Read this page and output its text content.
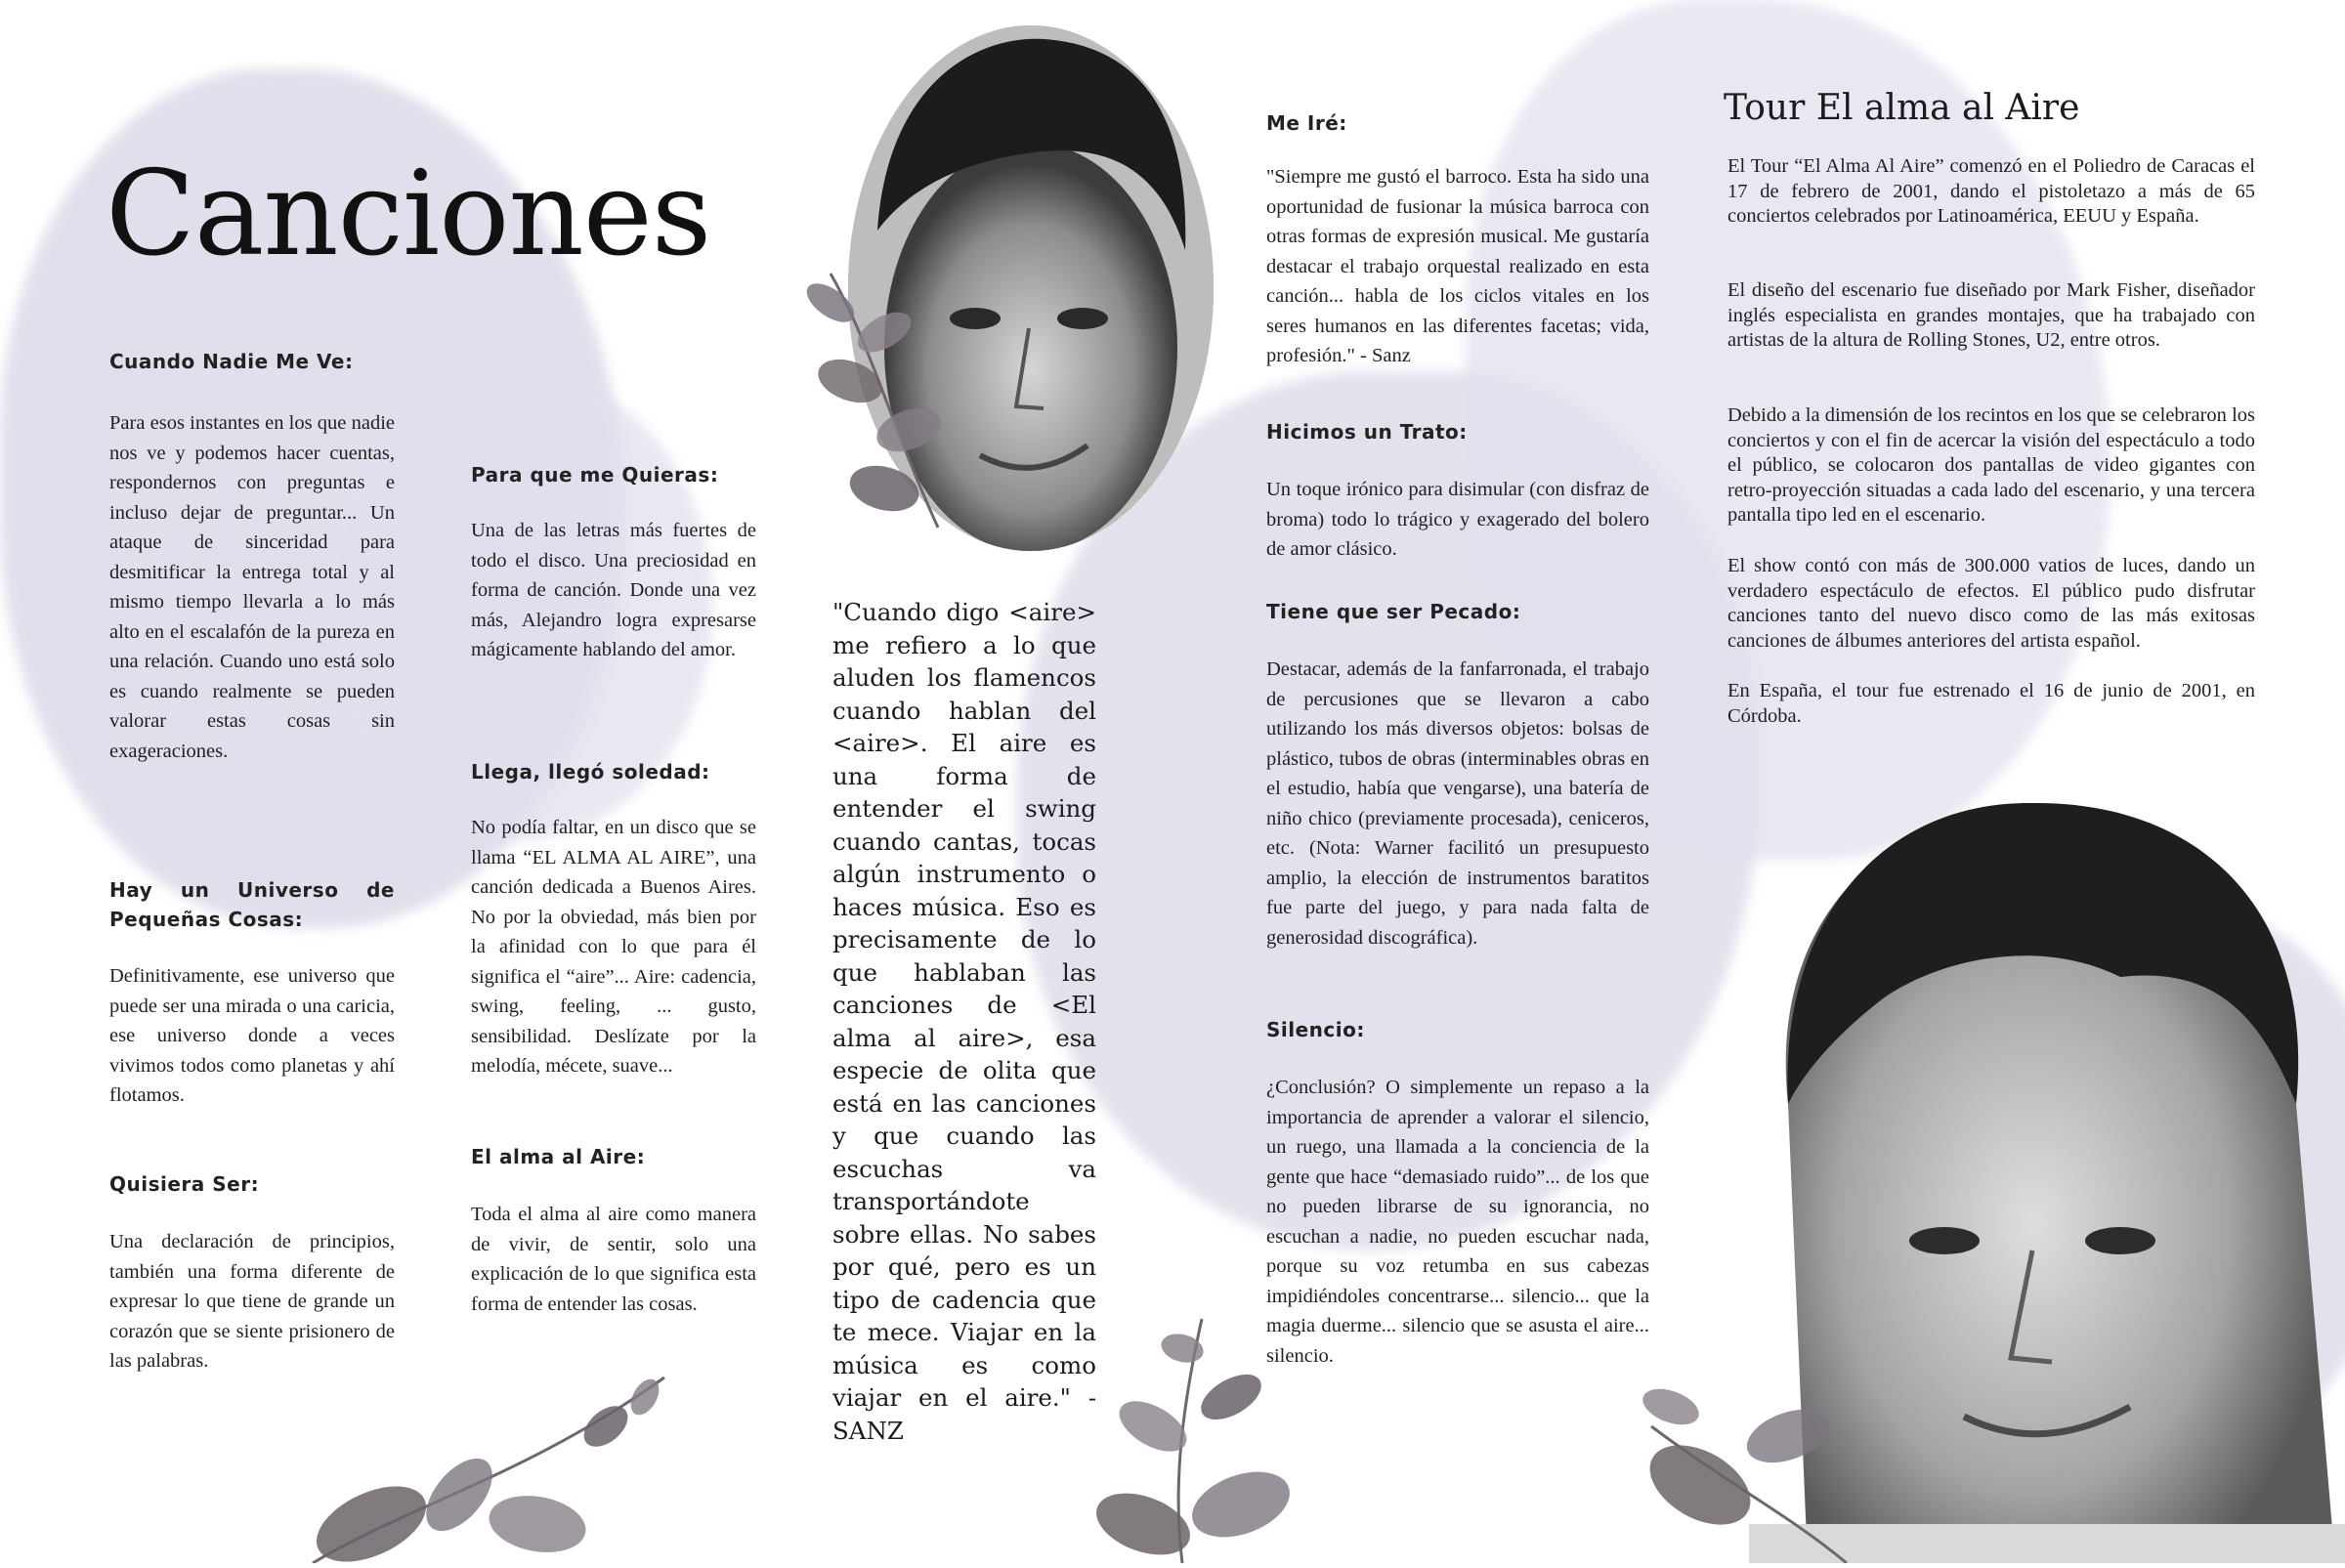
Canciones
Cuando Nadie Me Ve:

Para esos instantes en los que nadie nos ve y podemos hacer cuentas, respondernos con preguntas e incluso dejar de preguntar... Un ataque de sinceridad para desmitificar la entrega total y al mismo tiempo llevarla a lo más alto en el escalafón de la pureza en una relación. Cuando uno está solo es cuando realmente se pueden valorar estas cosas sin exageraciones.

Hay un Universo de Pequeñas Cosas:

Definitivamente, ese universo que puede ser una mirada o una caricia, ese universo donde a veces vivimos todos como planetas y ahí flotamos.

Quisiera Ser:

Una declaración de principios, también una forma diferente de expresar lo que tiene de grande un corazón que se siente prisionero de las palabras.

Para que me Quieras:

Una de las letras más fuertes de todo el disco. Una preciosidad en forma de canción. Donde una vez más, Alejandro logra expresarse mágicamente hablando del amor.

Llega, llegó soledad:

No podía faltar, en un disco que se llama “EL ALMA AL AIRE”, una canción dedicada a Buenos Aires. No por la obviedad, más bien por la afinidad con lo que para él significa el “aire”... Aire: cadencia, swing, feeling, ... gusto, sensibilidad. Deslízate por la melodía, mécete, suave...

El alma al Aire:

Toda el alma al aire como manera de vivir, de sentir, solo una explicación de lo que significa esta forma de entender las cosas.

"Cuando digo <aire> me refiero a lo que aluden los flamencos cuando hablan del <aire>. El aire es una forma de entender el swing cuando cantas, tocas algún instrumento o haces música. Eso es precisamente de lo que hablaban las canciones de <El alma al aire>, esa especie de olita que está en las canciones y que cuando las escuchas va transportándote sobre ellas. No sabes por qué, pero es un tipo de cadencia que te mece. Viajar en la música es como viajar en el aire." - SANZ

Me Iré:

"Siempre me gustó el barroco. Esta ha sido una oportunidad de fusionar la música barroca con otras formas de expresión musical. Me gustaría destacar el trabajo orquestal realizado en esta canción... habla de los ciclos vitales en los seres humanos en las diferentes facetas; vida, profesión." - Sanz

Hicimos un Trato:

Un toque irónico para disimular (con disfraz de broma) todo lo trágico y exagerado del bolero de amor clásico.

Tiene que ser Pecado:

Destacar, además de la fanfarronada, el trabajo de percusiones que se llevaron a cabo utilizando los más diversos objetos: bolsas de plástico, tubos de obras (interminables obras en el estudio, había que vengarse), una batería de niño chico (previamente procesada), ceniceros, etc. (Nota: Warner facilitó un presupuesto amplio, la elección de instrumentos baratitos fue parte del juego, y para nada falta de generosidad discográfica).

Silencio:

¿Conclusión? O simplemente un repaso a la importancia de aprender a valorar el silencio, un ruego, una llamada a la conciencia de la gente que hace “demasiado ruido”... de los que no pueden librarse de su ignorancia, no escuchan a nadie, no pueden escuchar nada, porque su voz retumba en sus cabezas impidiéndoles concentrarse... silencio... que la magia duerme... silencio que se asusta el aire... silencio.

Tour El alma al Aire

El Tour “El Alma Al Aire” comenzó en el Poliedro de Caracas el 17 de febrero de 2001, dando el pistoletazo a más de 65 conciertos celebrados por Latinoamérica, EEUU y España.

El diseño del escenario fue diseñado por Mark Fisher, diseñador inglés especialista en grandes montajes, que ha trabajado con artistas de la altura de Rolling Stones, U2, entre otros.

Debido a la dimensión de los recintos en los que se celebraron los conciertos y con el fin de acercar la visión del espectáculo a todo el público, se colocaron dos pantallas de video gigantes con retro-proyección situadas a cada lado del escenario, y una tercera pantalla tipo led en el escenario.

El show contó con más de 300.000 vatios de luces, dando un verdadero espectáculo de efectos. El público pudo disfrutar canciones tanto del nuevo disco como de las más exitosas canciones de álbumes anteriores del artista español.

En España, el tour fue estrenado el 16 de junio de 2001, en Córdoba.
